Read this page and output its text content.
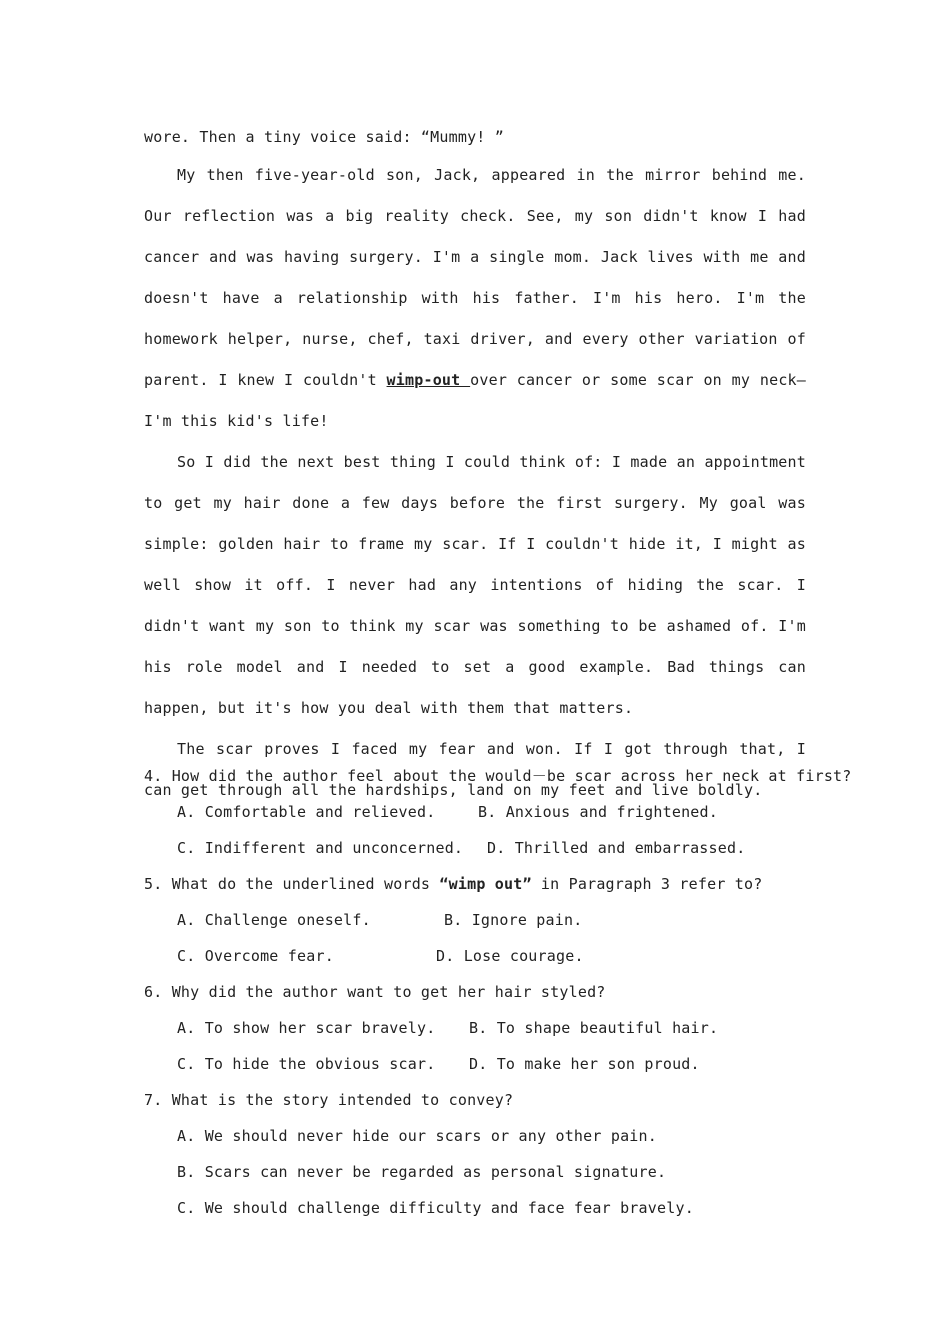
wore. Then a tiny voice said: “Mummy! ”

My then five-year-old son, Jack, appeared in the mirror behind me. Our reflection was a big reality check. See, my son didn't know I had cancer and was having surgery. I'm a single mom. Jack lives with me and doesn't have a relationship with his father. I'm his hero. I'm the homework helper, nurse, chef, taxi driver, and every other variation of parent. I knew I couldn't wimp-out over cancer or some scar on my neck—I'm this kid's life!

So I did the next best thing I could think of: I made an appointment to get my hair done a few days before the first surgery. My goal was simple: golden hair to frame my scar. If I couldn't hide it, I might as well show it off. I never had any intentions of hiding the scar. I didn't want my son to think my scar was something to be ashamed of. I'm his role model and I needed to set a good example. Bad things can happen, but it's how you deal with them that matters.

The scar proves I faced my fear and won. If I got through that, I can get through all the hardships, land on my feet and live boldly.

4. How did the author feel about the would－be scar across her neck at first?

A. Comfortable and relieved.

	B. Anxious and frightened.

C. Indifferent and unconcerned.

D. Thrilled and embarrassed.

5. What do the underlined words “wimp out” in Paragraph 3 refer to?

A. Challenge oneself.

	B. Ignore pain.

C. Overcome fear.

	D. Lose courage.

6. Why did the author want to get her hair styled?

A. To show her scar bravely.

B. To shape beautiful hair.

C. To hide the obvious scar.

D. To make her son proud.

7. What is the story intended to convey?

A. We should never hide our scars or any other pain.

B. Scars can never be regarded as personal signature.

C. We should challenge difficulty and face fear bravely.
